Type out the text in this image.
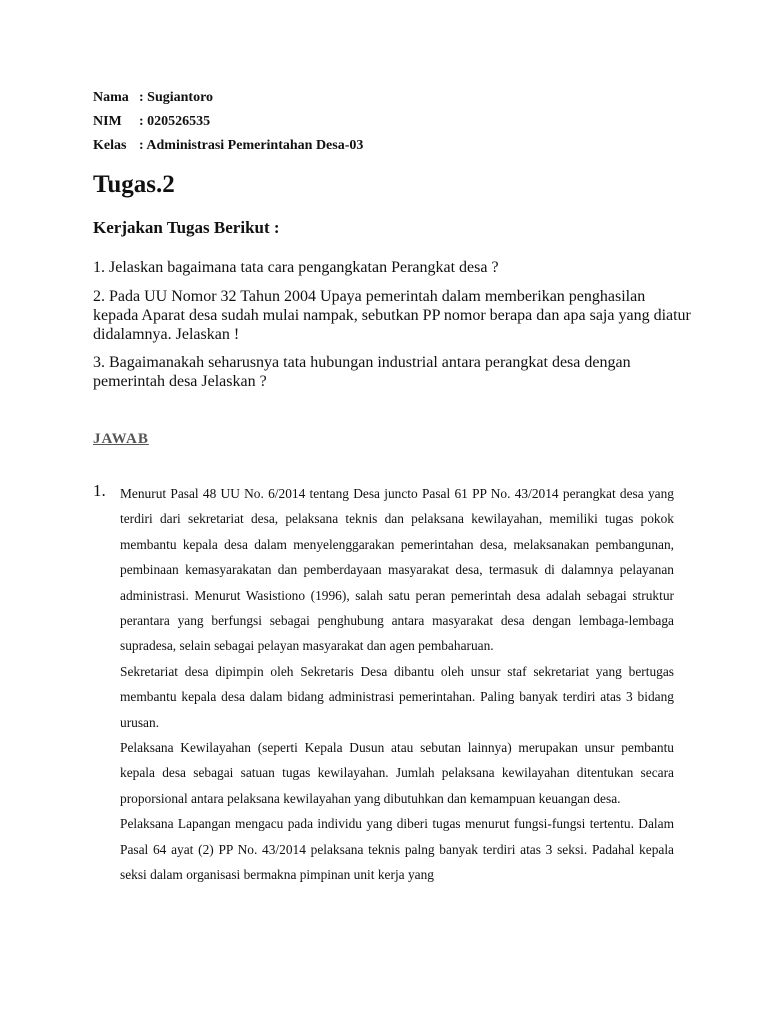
Nama : Sugiantoro
NIM : 020526535
Kelas : Administrasi Pemerintahan Desa-03
Tugas.2
Kerjakan Tugas Berikut :

1. Jelaskan bagaimana tata cara pengangkatan Perangkat desa ?

2. Pada UU Nomor 32 Tahun 2004 Upaya pemerintah dalam memberikan penghasilan kepada Aparat desa sudah mulai nampak, sebutkan PP nomor berapa dan apa saja yang diatur didalamnya. Jelaskan !

3. Bagaimanakah seharusnya tata hubungan industrial antara perangkat desa dengan pemerintah desa Jelaskan ?

JAWAB
1. Menurut Pasal 48 UU No. 6/2014 tentang Desa juncto Pasal 61 PP No. 43/2014 perangkat desa yang terdiri dari sekretariat desa, pelaksana teknis dan pelaksana kewilayahan, memiliki tugas pokok membantu kepala desa dalam menyelenggarakan pemerintahan desa, melaksanakan pembangunan, pembinaan kemasyarakatan dan pemberdayaan masyarakat desa, termasuk di dalamnya pelayanan administrasi. Menurut Wasistiono (1996), salah satu peran pemerintah desa adalah sebagai struktur perantara yang berfungsi sebagai penghubung antara masyarakat desa dengan lembaga-lembaga supradesa, selain sebagai pelayan masyarakat dan agen pembaharuan.

Sekretariat desa dipimpin oleh Sekretaris Desa dibantu oleh unsur staf sekretariat yang bertugas membantu kepala desa dalam bidang administrasi pemerintahan. Paling banyak terdiri atas 3 bidang urusan.

Pelaksana Kewilayahan (seperti Kepala Dusun atau sebutan lainnya) merupakan unsur pembantu kepala desa sebagai satuan tugas kewilayahan. Jumlah pelaksana kewilayahan ditentukan secara proporsional antara pelaksana kewilayahan yang dibutuhkan dan kemampuan keuangan desa.

Pelaksana Lapangan mengacu pada individu yang diberi tugas menurut fungsi-fungsi tertentu. Dalam Pasal 64 ayat (2) PP No. 43/2014 pelaksana teknis palng banyak terdiri atas 3 seksi. Padahal kepala seksi dalam organisasi bermakna pimpinan unit kerja yang
